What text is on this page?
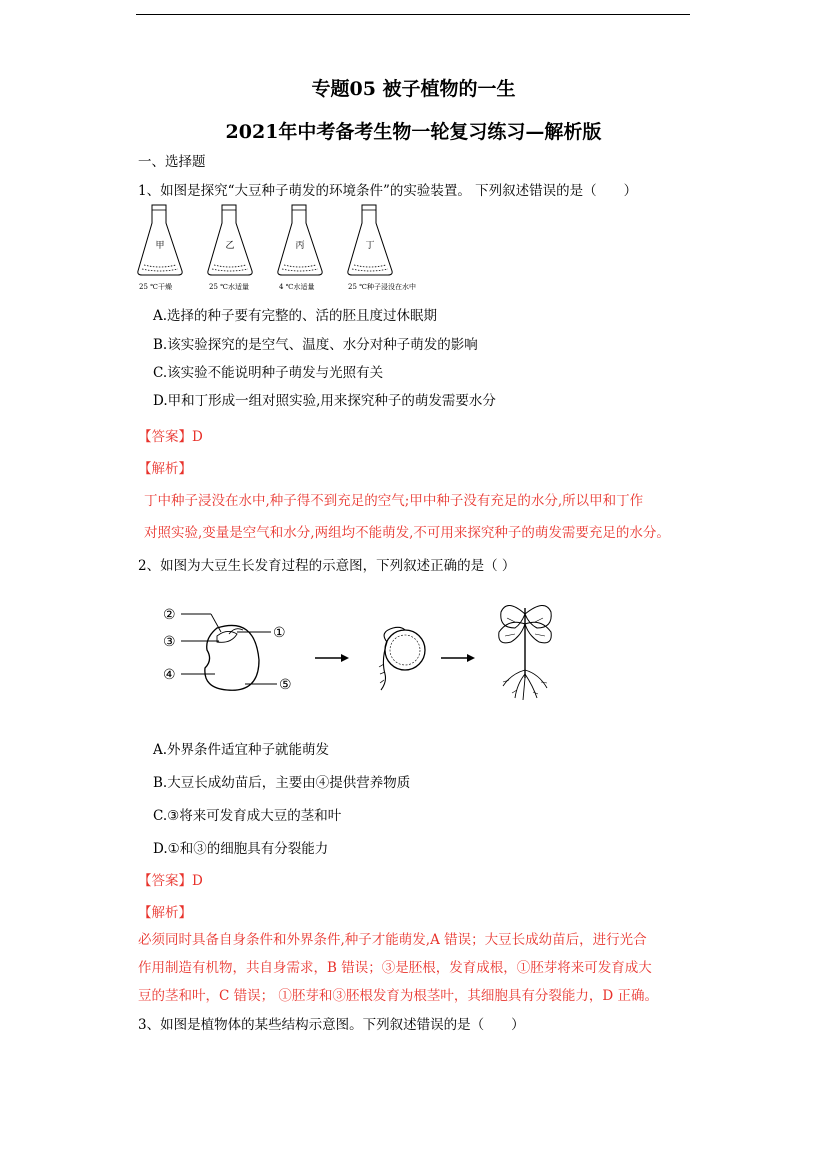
专题05 被子植物的一生
2021年中考备考生物一轮复习练习—解析版
一、选择题
1、如图是探究“大豆种子萌发的环境条件”的实验装置。 下列叙述错误的是（　　）
甲
25 ℃干燥
乙
25 ℃水适量
丙
4 ℃水适量
丁
25 ℃种子浸没在水中
A.选择的种子要有完整的、活的胚且度过休眠期
B.该实验探究的是空气、温度、水分对种子萌发的影响
C.该实验不能说明种子萌发与光照有关
D.甲和丁形成一组对照实验,用来探究种子的萌发需要水分
【答案】D
【解析】
丁中种子浸没在水中,种子得不到充足的空气;甲中种子没有充足的水分,所以甲和丁作
对照实验,变量是空气和水分,两组均不能萌发,不可用来探究种子的萌发需要充足的水分。
2、如图为大豆生长发育过程的示意图，下列叙述正确的是（ ）
②
③
④
①
⑤
A.外界条件适宜种子就能萌发
B.大豆长成幼苗后，主要由④提供营养物质
C.③将来可发育成大豆的茎和叶
D.①和③的细胞具有分裂能力
【答案】D
【解析】
必须同时具备自身条件和外界条件,种子才能萌发,A 错误；大豆长成幼苗后，进行光合
作用制造有机物，共自身需求，B 错误；③是胚根，发育成根，①胚芽将来可发育成大
豆的茎和叶，C 错误； ①胚芽和③胚根发育为根茎叶，其细胞具有分裂能力，D 正确。
3、如图是植物体的某些结构示意图。下列叙述错误的是（　　）
